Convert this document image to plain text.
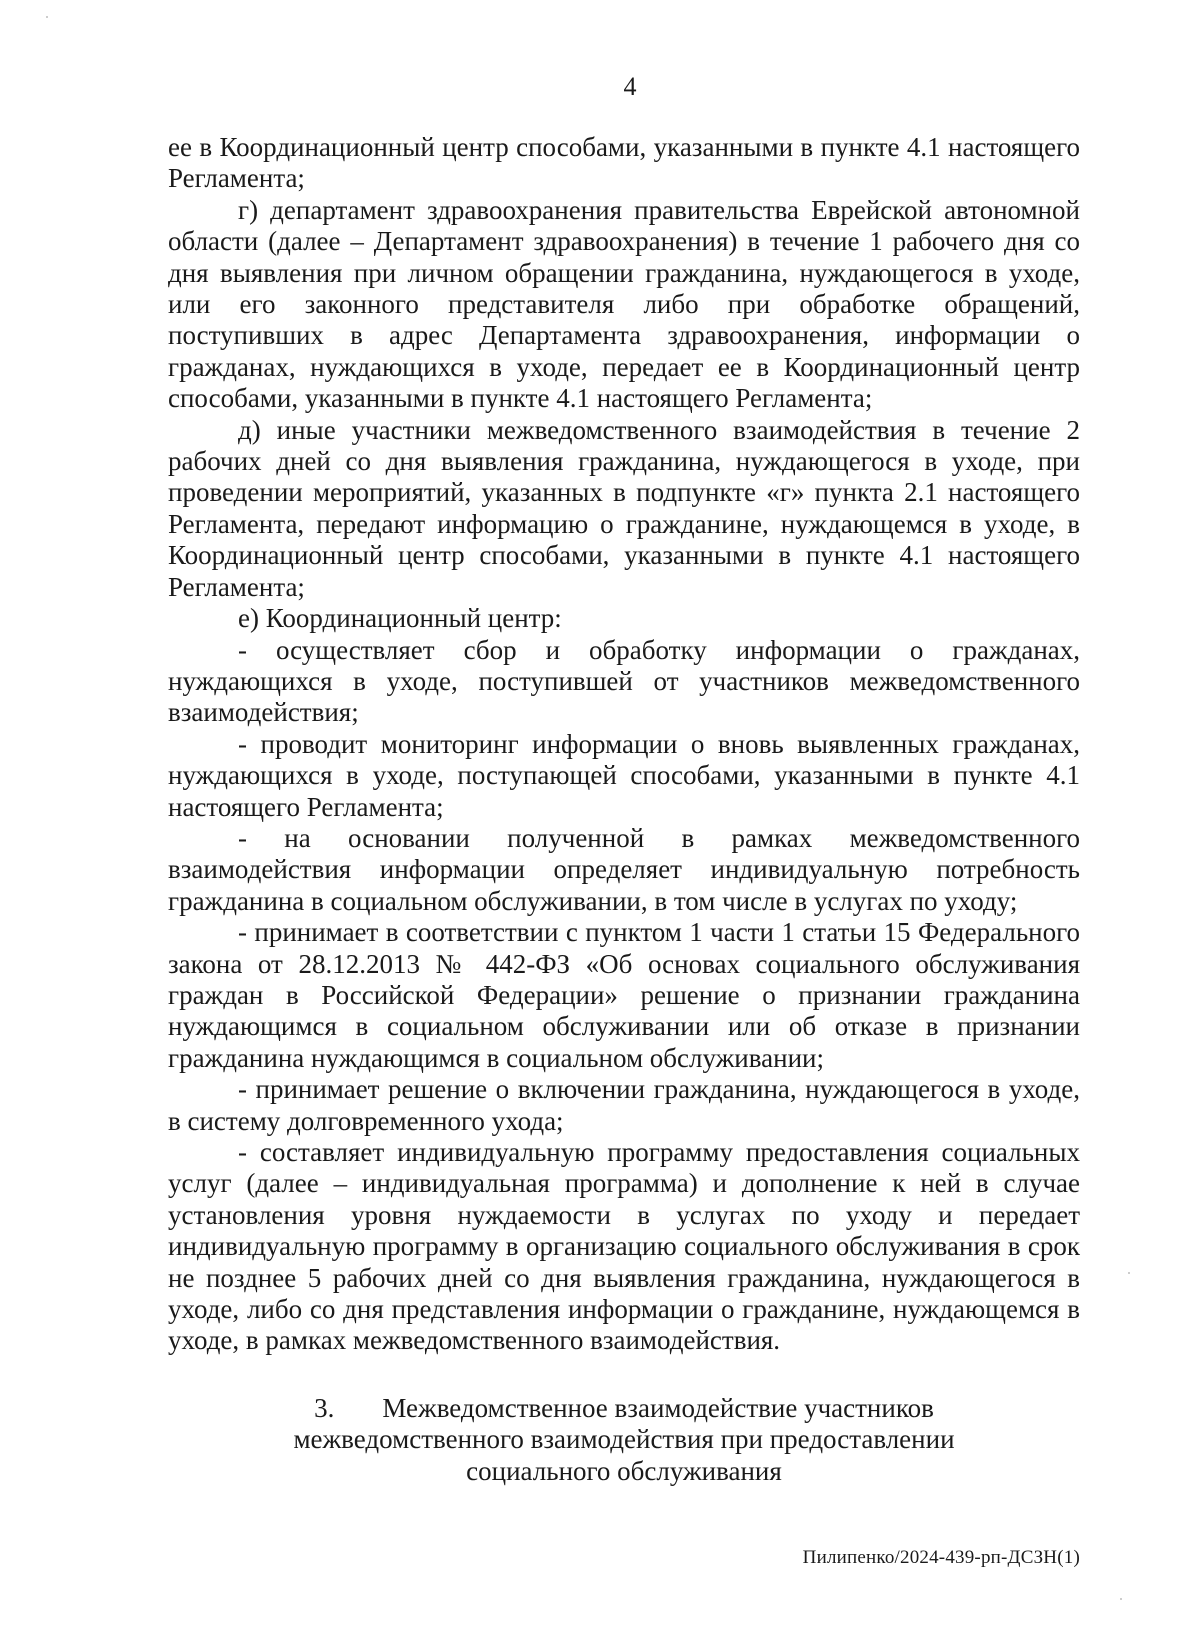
4

ее в Координационный центр способами, указанными в пункте 4.1 настоящего Регламента;

г) департамент здравоохранения правительства Еврейской автономной области (далее – Департамент здравоохранения) в течение 1 рабочего дня со дня выявления при личном обращении гражданина, нуждающегося в уходе, или его законного представителя либо при обработке обращений, поступивших в адрес Департамента здравоохранения, информации о гражданах, нуждающихся в уходе, передает ее в Координационный центр способами, указанными в пункте 4.1 настоящего Регламента;

д) иные участники межведомственного взаимодействия в течение 2 рабочих дней со дня выявления гражданина, нуждающегося в уходе, при проведении мероприятий, указанных в подпункте «г» пункта 2.1 настоящего Регламента, передают информацию о гражданине, нуждающемся в уходе, в Координационный центр способами, указанными в пункте 4.1 настоящего Регламента;

е) Координационный центр:

- осуществляет сбор и обработку информации о гражданах, нуждающихся в уходе, поступившей от участников межведомственного взаимодействия;

- проводит мониторинг информации о вновь выявленных гражданах, нуждающихся в уходе, поступающей способами, указанными в пункте 4.1 настоящего Регламента;

- на основании полученной в рамках межведомственного взаимодействия информации определяет индивидуальную потребность гражданина в социальном обслуживании, в том числе в услугах по уходу;

- принимает в соответствии с пунктом 1 части 1 статьи 15 Федерального закона от 28.12.2013 № 442-ФЗ «Об основах социального обслуживания граждан в Российской Федерации» решение о признании гражданина нуждающимся в социальном обслуживании или об отказе в признании гражданина нуждающимся в социальном обслуживании;

- принимает решение о включении гражданина, нуждающегося в уходе, в систему долговременного ухода;

- составляет индивидуальную программу предоставления социальных услуг (далее – индивидуальная программа) и дополнение к ней в случае установления уровня нуждаемости в услугах по уходу и передает индивидуальную программу в организацию социального обслуживания в срок не позднее 5 рабочих дней со дня выявления гражданина, нуждающегося в уходе, либо со дня представления информации о гражданине, нуждающемся в уходе, в рамках межведомственного взаимодействия.

3. Межведомственное взаимодействие участников
межведомственного взаимодействия при предоставлении
социального обслуживания
Пилипенко/2024-439-рп-ДСЗН(1)
